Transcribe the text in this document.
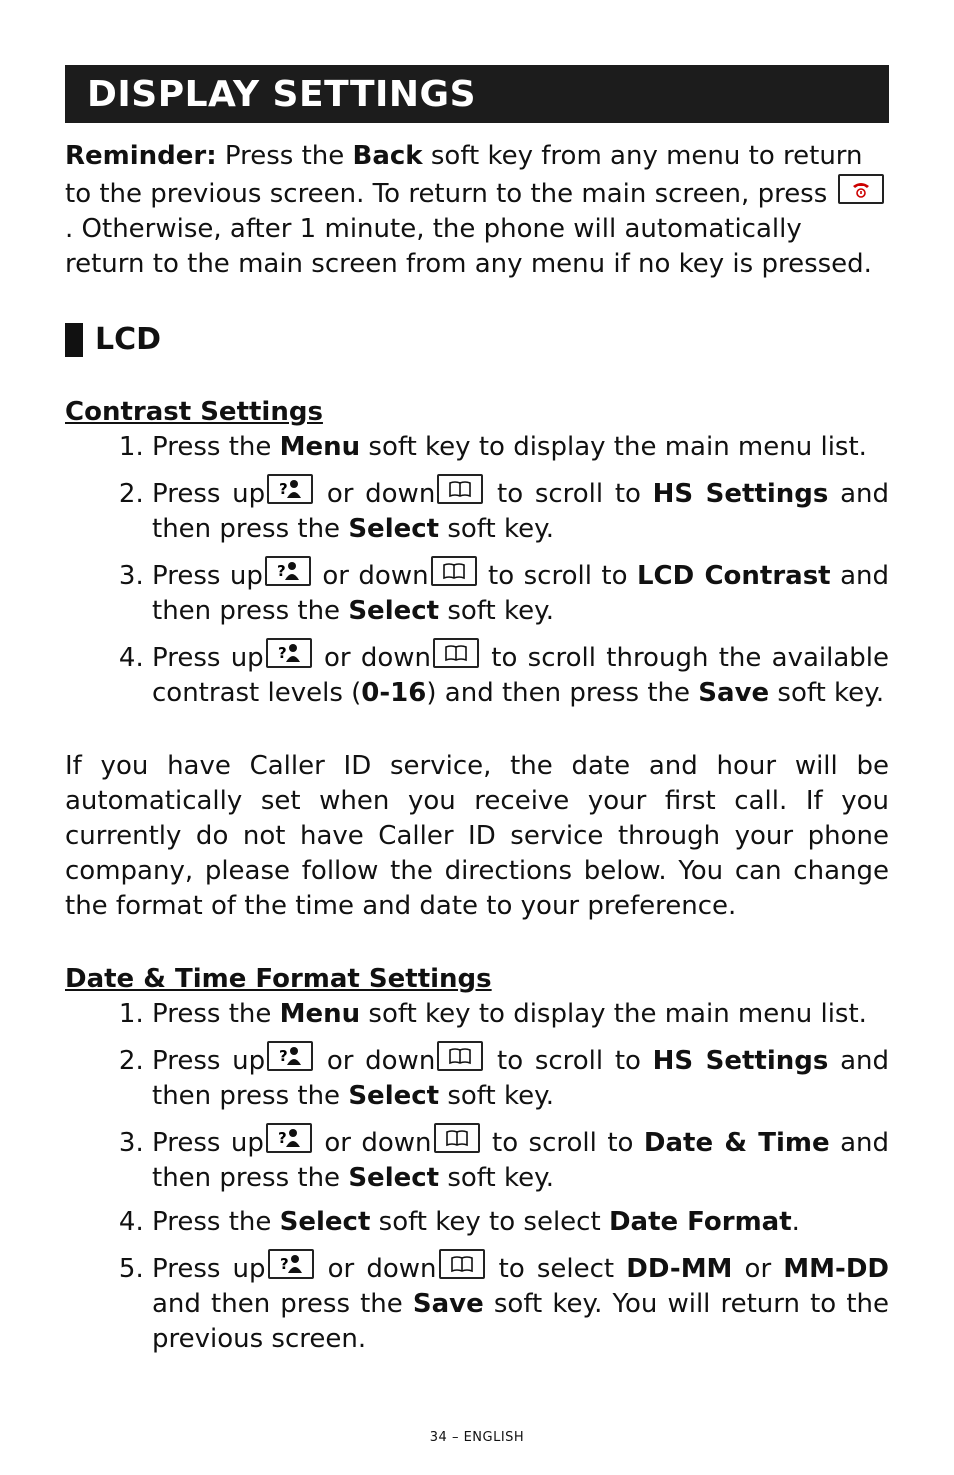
DISPLAY SETTINGS

Reminder: Press the Back soft key from any menu to return to the previous screen. To return to the main screen, press
. Otherwise, after 1 minute, the phone will automatically return to the main screen from any menu if no key is pressed.

LCD
Contrast Settings
1. Press the Menu soft key to display the main menu list.
2. Press up ? or down
to scroll to HS Settings and then press the Select soft key.
3. Press up ? or down
to scroll to LCD Contrast and then press the Select soft key.
4. Press up ? or down
to scroll through the available contrast levels (0-16) and then press the Save soft key.

If you have Caller ID service, the date and hour will be automatically set when you receive your first call. If you currently do not have Caller ID service through your phone company, please follow the directions below. You can change the format of the time and date to your preference.

Date & Time Format Settings
1. Press the Menu soft key to display the main menu list.
2. Press up ? or down
to scroll to HS Settings and then press the Select soft key.
3. Press up ? or down
to scroll to Date & Time and then press the Select soft key.
4. Press the Select soft key to select Date Format.
5. Press up ? or down
to select DD-MM or MM-DD and then press the Save soft key. You will return to the previous screen.
34 – ENGLISH
